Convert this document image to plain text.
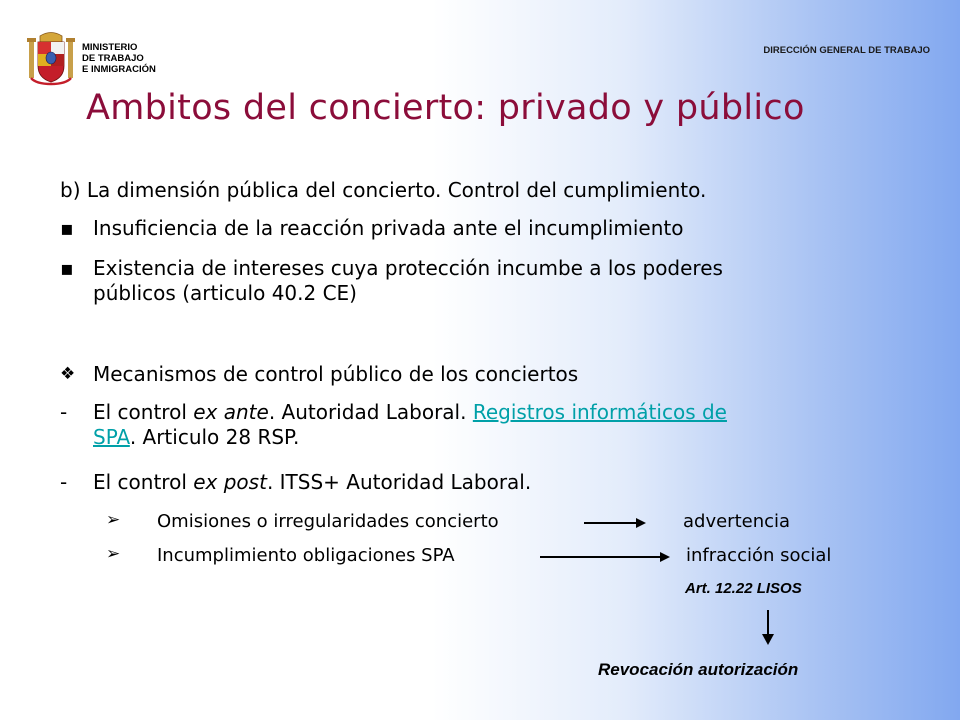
MINISTERIO
DE TRABAJO
E INMIGRACIÓN
DIRECCIÓN GENERAL DE TRABAJO
Ambitos del concierto: privado y público
b) La dimensión pública del concierto. Control del cumplimiento.
▪ Insuficiencia de la reacción privada ante el incumplimiento
▪ Existencia de intereses cuya protección incumbe a los poderes
públicos (articulo 40.2 CE)
❖ Mecanismos de control público de los conciertos
-	El control ex ante. Autoridad Laboral. Registros informáticos de
SPA. Articulo 28 RSP.
-	El control ex post. ITSS+ Autoridad Laboral.
➢ Omisiones o irregularidades concierto	advertencia
➢ Incumplimiento obligaciones SPA	infracción social
Art. 12.22 LISOS
Revocación autorización
